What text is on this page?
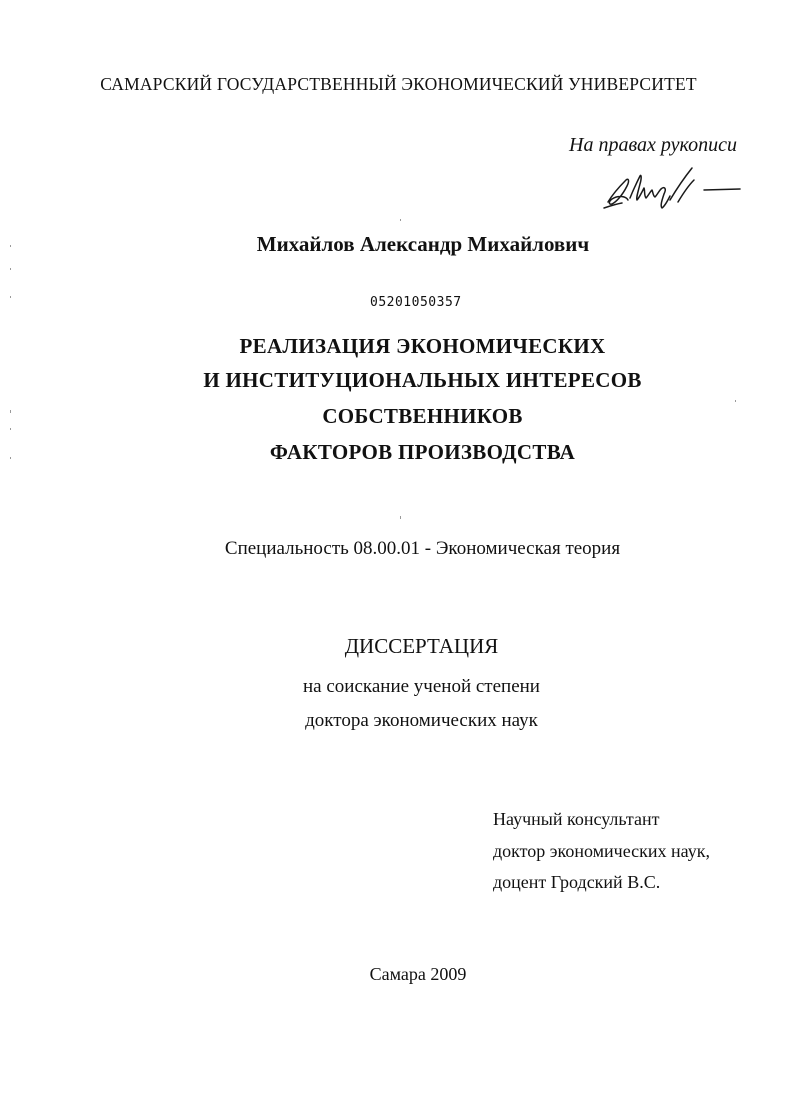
САМАРСКИЙ ГОСУДАРСТВЕННЫЙ ЭКОНОМИЧЕСКИЙ УНИВЕРСИТЕТ
На правах рукописи
Михайлов Александр Михайлович
05201050357
РЕАЛИЗАЦИЯ ЭКОНОМИЧЕСКИХ
И ИНСТИТУЦИОНАЛЬНЫХ ИНТЕРЕСОВ
СОБСТВЕННИКОВ
ФАКТОРОВ ПРОИЗВОДСТВА
Специальность 08.00.01 - Экономическая теория
ДИССЕРТАЦИЯ
на соискание ученой степени
доктора экономических наук
Научный консультант
доктор экономических наук,
доцент Гродский В.С.
Самара 2009
